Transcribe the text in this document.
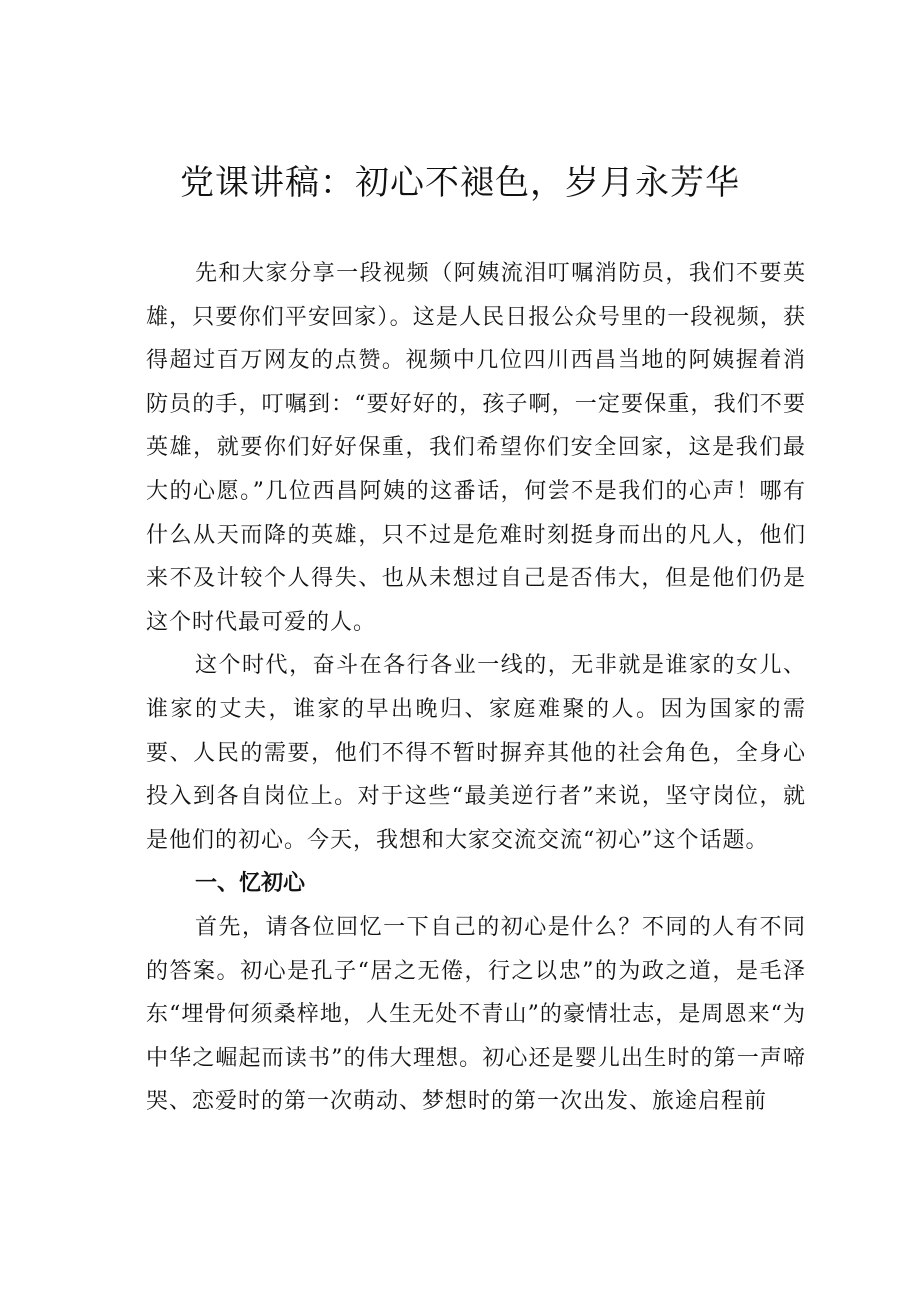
党课讲稿：初心不褪色，岁月永芳华

先和大家分享一段视频（阿姨流泪叮嘱消防员，我们不要英雄，只要你们平安回家）。这是人民日报公众号里的一段视频，获得超过百万网友的点赞。视频中几位四川西昌当地的阿姨握着消防员的手，叮嘱到：“要好好的，孩子啊，一定要保重，我们不要英雄，就要你们好好保重，我们希望你们安全回家，这是我们最大的心愿。”几位西昌阿姨的这番话，何尝不是我们的心声！哪有什么从天而降的英雄，只不过是危难时刻挺身而出的凡人，他们来不及计较个人得失、也从未想过自己是否伟大，但是他们仍是这个时代最可爱的人。

这个时代，奋斗在各行各业一线的，无非就是谁家的女儿、谁家的丈夫，谁家的早出晚归、家庭难聚的人。因为国家的需要、人民的需要，他们不得不暂时摒弃其他的社会角色，全身心投入到各自岗位上。对于这些“最美逆行者”来说，坚守岗位，就是他们的初心。今天，我想和大家交流交流“初心”这个话题。

一、忆初心

首先，请各位回忆一下自己的初心是什么？不同的人有不同的答案。初心是孔子“居之无倦，行之以忠”的为政之道，是毛泽东“埋骨何须桑梓地，人生无处不青山”的豪情壮志，是周恩来“为中华之崛起而读书”的伟大理想。初心还是婴儿出生时的第一声啼哭、恋爱时的第一次萌动、梦想时的第一次出发、旅途启程前
